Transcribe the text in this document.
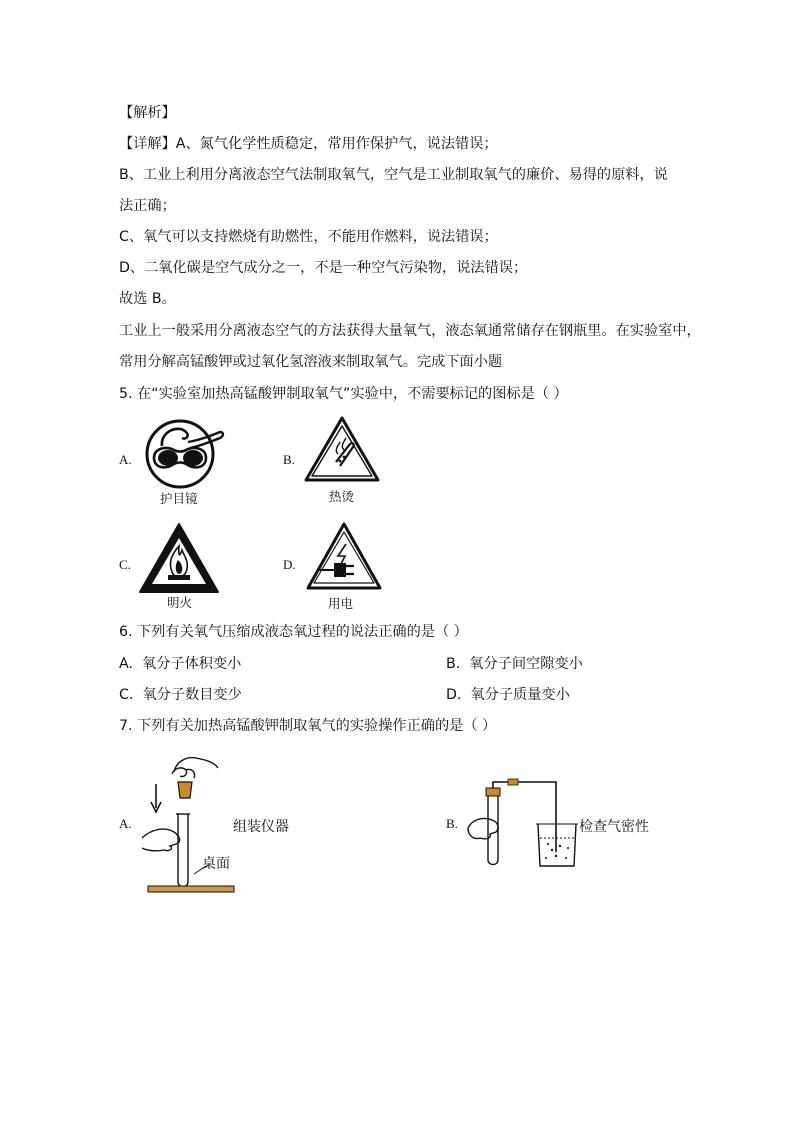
【解析】
【详解】A、氮气化学性质稳定，常用作保护气，说法错误；
B、工业上利用分离液态空气法制取氧气，空气是工业制取氧气的廉价、易得的原料，说
法正确；
C、氧气可以支持燃烧有助燃性，不能用作燃料，说法错误；
D、二氧化碳是空气成分之一，不是一种空气污染物，说法错误；
故选 B。
工业上一般采用分离液态空气的方法获得大量氧气，液态氧通常储存在钢瓶里。在实验室中，
常用分解高锰酸钾或过氧化氢溶液来制取氧气。完成下面小题
5. 在“实验室加热高锰酸钾制取氧气”实验中，不需要标记的图标是（ ）
A.
护目镜
B.
热烫
C.
明火
D.
用电
6. 下列有关氧气压缩成液态氧过程的说法正确的是（ ）
A. 氧分子体积变小	B. 氧分子间空隙变小
C. 氧分子数目变少	D. 氧分子质量变小
7. 下列有关加热高锰酸钾制取氧气的实验操作正确的是（ ）
A.	组装仪器
桌面
B.	检查气密性
